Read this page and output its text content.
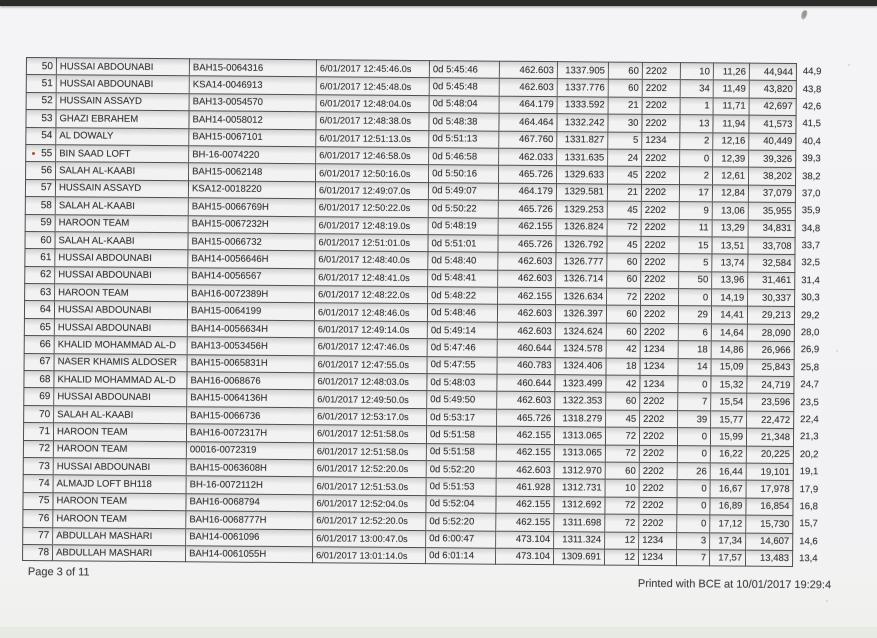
50 HUSSAI ABDOUNABI	BAH15-0064316	6/01/2017 12:45:46.0s	0d 5:45:46	462.603	1337.905	60 2202	10	11,26	44,944	44,9
51 HUSSAI ABDOUNABI	KSA14-0046913	6/01/2017 12:45:48.0s	0d 5:45:48	462.603	1337.776	60 2202	34	11,49	43,820	43,8
52 HUSSAIN ASSAYD	BAH13-0054570	6/01/2017 12:48:04.0s	0d 5:48:04	464.179	1333.592	21 2202	1	11,71	42,697	42,6
53 GHAZI EBRAHEM	BAH14-0058012	6/01/2017 12:48:38.0s	0d 5:48:38	464.464	1332.242	30 2202	13	11,94	41,573	41,5
54 AL DOWALY	BAH15-0067101	6/01/2017 12:51:13.0s	0d 5:51:13	467.760	1331.827	5 1234	2	12,16	40,449	40,4
55 BIN SAAD LOFT	BH-16-0074220	6/01/2017 12:46:58.0s	0d 5:46:58	462.033	1331.635	24 2202	0	12,39	39,326	39,3
56 SALAH AL-KAABI	BAH15-0062148	6/01/2017 12:50:16.0s	0d 5:50:16	465.726	1329.633	45 2202	2	12,61	38,202	38,2
57 HUSSAIN ASSAYD	KSA12-0018220	6/01/2017 12:49:07.0s	0d 5:49:07	464.179	1329.581	21 2202	17	12,84	37,079	37,0
58 SALAH AL-KAABI	BAH15-0066769H	6/01/2017 12:50:22.0s	0d 5:50:22	465.726	1329.253	45 2202	9	13,06	35,955	35,9
59 HAROON TEAM	BAH15-0067232H	6/01/2017 12:48:19.0s	0d 5:48:19	462.155	1326.824	72 2202	11	13,29	34,831	34,8
60 SALAH AL-KAABI	BAH15-0066732	6/01/2017 12:51:01.0s	0d 5:51:01	465.726	1326.792	45 2202	15	13,51	33,708	33,7
61 HUSSAI ABDOUNABI	BAH14-0056646H	6/01/2017 12:48:40.0s	0d 5:48:40	462.603	1326.777	60 2202	5	13,74	32,584	32,5
62 HUSSAI ABDOUNABI	BAH14-0056567	6/01/2017 12:48:41.0s	0d 5:48:41	462.603	1326.714	60 2202	50	13,96	31,461	31,4
63 HAROON TEAM	BAH16-0072389H	6/01/2017 12:48:22.0s	0d 5:48:22	462.155	1326.634	72 2202	0	14,19	30,337	30,3
64 HUSSAI ABDOUNABI	BAH15-0064199	6/01/2017 12:48:46.0s	0d 5:48:46	462.603	1326.397	60 2202	29	14,41	29,213	29,2
65 HUSSAI ABDOUNABI	BAH14-0056634H	6/01/2017 12:49:14.0s	0d 5:49:14	462.603	1324.624	60 2202	6	14,64	28,090	28,0
66 KHALID MOHAMMAD AL-D	BAH13-0053456H	6/01/2017 12:47:46.0s	0d 5:47:46	460.644	1324.578	42 1234	18	14,86	26,966	26,9
67 NASER KHAMIS ALDOSER	BAH15-0065831H	6/01/2017 12:47:55.0s	0d 5:47:55	460.783	1324.406	18 1234	14	15,09	25,843	25,8
68 KHALID MOHAMMAD AL-D	BAH16-0068676	6/01/2017 12:48:03.0s	0d 5:48:03	460.644	1323.499	42 1234	0	15,32	24,719	24,7
69 HUSSAI ABDOUNABI	BAH15-0064136H	6/01/2017 12:49:50.0s	0d 5:49:50	462.603	1322.353	60 2202	7	15,54	23,596	23,5
70 SALAH AL-KAABI	BAH15-0066736	6/01/2017 12:53:17.0s	0d 5:53:17	465.726	1318.279	45 2202	39	15,77	22,472	22,4
71 HAROON TEAM	BAH16-0072317H	6/01/2017 12:51:58.0s	0d 5:51:58	462.155	1313.065	72 2202	0	15,99	21,348	21,3
72 HAROON TEAM	00016-0072319	6/01/2017 12:51:58.0s	0d 5:51:58	462.155	1313.065	72 2202	0	16,22	20,225	20,2
73 HUSSAI ABDOUNABI	BAH15-0063608H	6/01/2017 12:52:20.0s	0d 5:52:20	462.603	1312.970	60 2202	26	16,44	19,101	19,1
74 ALMAJD LOFT BH118	BH-16-0072112H	6/01/2017 12:51:53.0s	0d 5:51:53	461.928	1312.731	10 2202	0	16,67	17,978	17,9
75 HAROON TEAM	BAH16-0068794	6/01/2017 12:52:04.0s	0d 5:52:04	462.155	1312.692	72 2202	0	16,89	16,854	16,8
76 HAROON TEAM	BAH16-0068777H	6/01/2017 12:52:20.0s	0d 5:52:20	462.155	1311.698	72 2202	0	17,12	15,730	15,7
77 ABDULLAH MASHARI	BAH14-0061096	6/01/2017 13:00:47.0s	0d 6:00:47	473.104	1311.324	12 1234	3	17,34	14,607	14,6
78 ABDULLAH MASHARI	BAH14-0061055H	6/01/2017 13:01:14.0s	0d 6:01:14	473.104	1309.691	12 1234	7	17,57	13,483	13,4
Page 3 of 11
Printed with BCE at 10/01/2017 19:29:4
